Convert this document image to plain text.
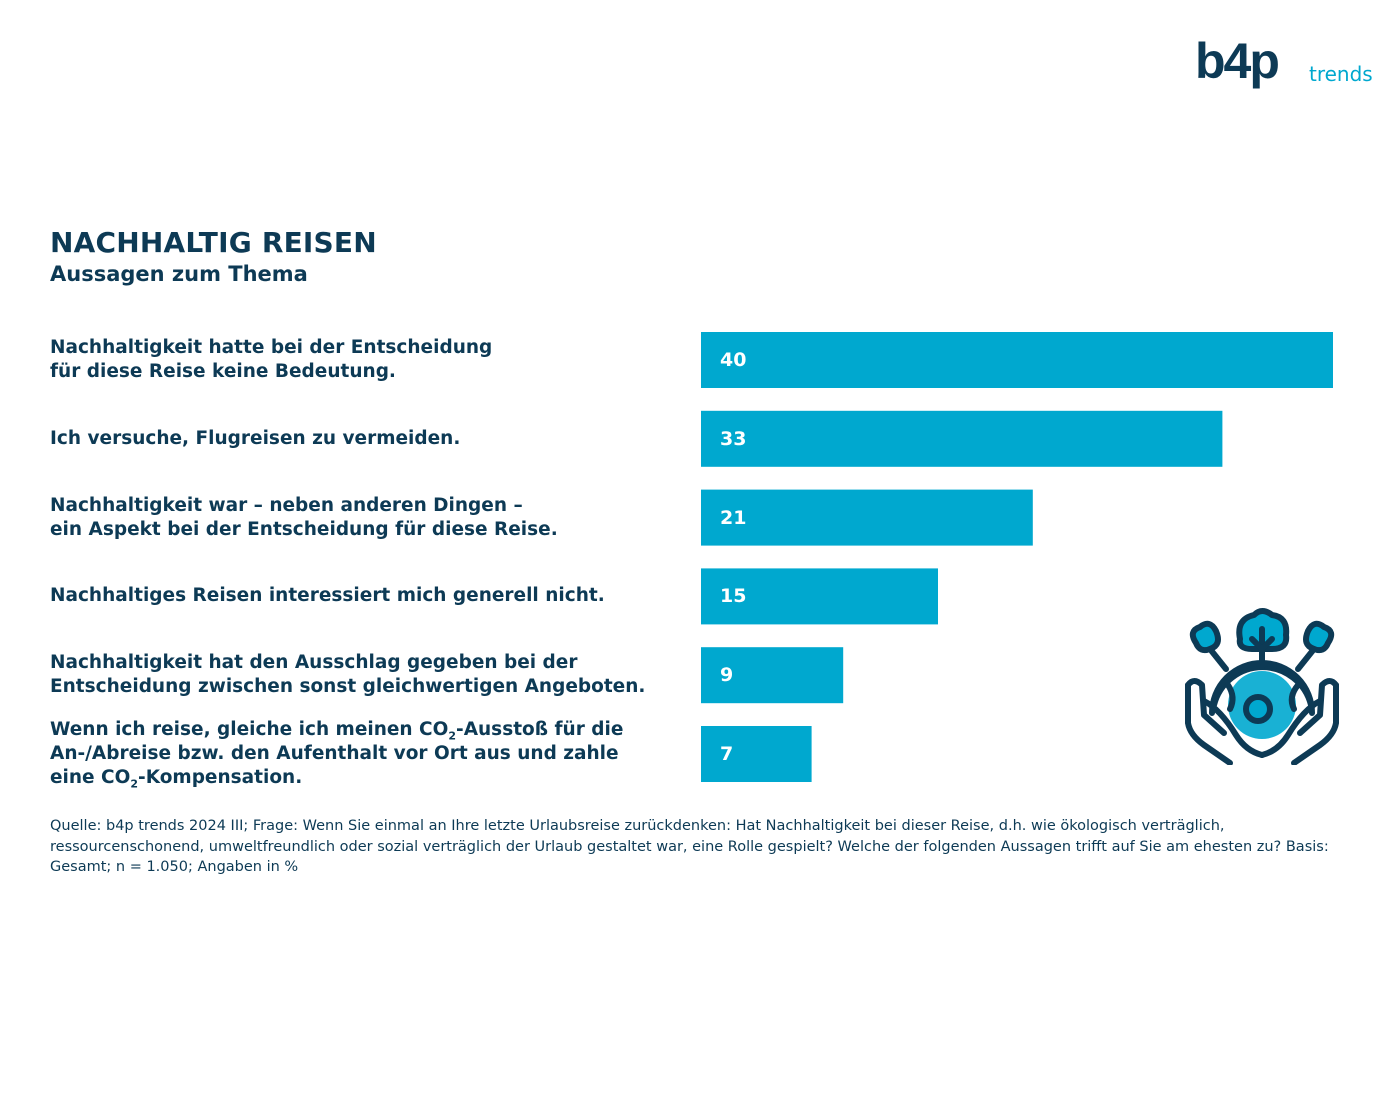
b4p trends
NACHHALTIG REISEN
Aussagen zum Thema
40
Nachhaltigkeit hatte bei der Entscheidung
für diese Reise keine Bedeutung.
33
Ich versuche, Flugreisen zu vermeiden.
21
Nachhaltigkeit war – neben anderen Dingen –
ein Aspekt bei der Entscheidung für diese Reise.
15
Nachhaltiges Reisen interessiert mich generell nicht.
9
Nachhaltigkeit hat den Ausschlag gegeben bei der
Entscheidung zwischen sonst gleichwertigen Angeboten.
7
Wenn ich reise, gleiche ich meinen $CO_2$-Ausstoß für die
An-/Abreise bzw. den Aufenthalt vor Ort aus und zahle
eine $CO_2$-Kompensation.

Quelle: b4p trends 2024 III; Frage: Wenn Sie einmal an Ihre letzte Urlaubsreise zurückdenken: Hat Nachhaltigkeit bei dieser Reise, d.h. wie ökologisch verträglich, ressourcenschonend, umweltfreundlich oder sozial verträglich der Urlaub gestaltet war, eine Rolle gespielt? Welche der folgenden Aussagen trifft auf Sie am ehesten zu? Basis: Gesamt; n = 1.050; Angaben in %
